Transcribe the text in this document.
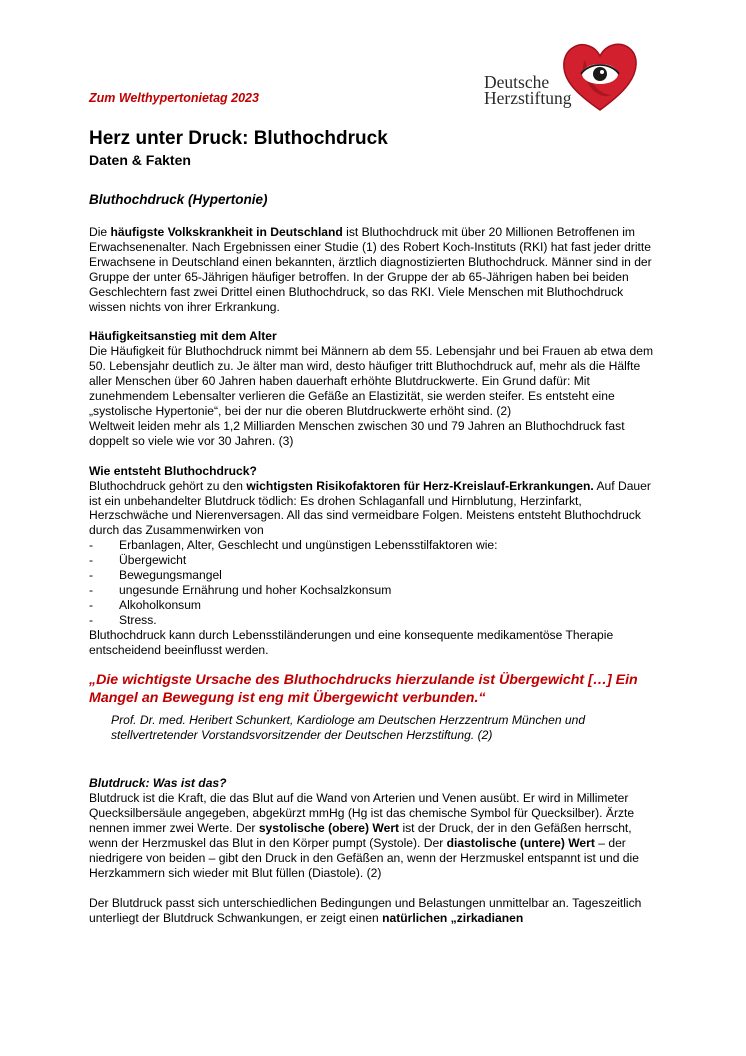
Zum Welthypertonietag 2023

Deutsche
Herzstiftung
Herz unter Druck: Bluthochdruck
Daten & Fakten

Bluthochdruck (Hypertonie)

Die häufigste Volkskrankheit in Deutschland ist Bluthochdruck mit über 20 Millionen Betroffenen im Erwachsenenalter. Nach Ergebnissen einer Studie (1) des Robert Koch-Instituts (RKI) hat fast jeder dritte Erwachsene in Deutschland einen bekannten, ärztlich diagnostizierten Bluthochdruck. Männer sind in der Gruppe der unter 65-Jährigen häufiger betroffen. In der Gruppe der ab 65-Jährigen haben bei beiden Geschlechtern fast zwei Drittel einen Bluthochdruck, so das RKI. Viele Menschen mit Bluthochdruck wissen nichts von ihrer Erkrankung.

Häufigkeitsanstieg mit dem Alter

Die Häufigkeit für Bluthochdruck nimmt bei Männern ab dem 55. Lebensjahr und bei Frauen ab etwa dem 50. Lebensjahr deutlich zu. Je älter man wird, desto häufiger tritt Bluthochdruck auf, mehr als die Hälfte aller Menschen über 60 Jahren haben dauerhaft erhöhte Blutdruckwerte. Ein Grund dafür: Mit zunehmendem Lebensalter verlieren die Gefäße an Elastizität, sie werden steifer. Es entsteht eine „systolische Hypertonie“, bei der nur die oberen Blutdruckwerte erhöht sind. (2)

Weltweit leiden mehr als 1,2 Milliarden Menschen zwischen 30 und 79 Jahren an Bluthochdruck fast doppelt so viele wie vor 30 Jahren. (3)

Wie entsteht Bluthochdruck?

Bluthochdruck gehört zu den wichtigsten Risikofaktoren für Herz-Kreislauf-Erkrankungen. Auf Dauer ist ein unbehandelter Blutdruck tödlich: Es drohen Schlaganfall und Hirnblutung, Herzinfarkt, Herzschwäche und Nierenversagen. All das sind vermeidbare Folgen. Meistens entsteht Bluthochdruck durch das Zusammenwirken von

- Erbanlagen, Alter, Geschlecht und ungünstigen Lebensstilfaktoren wie:
- Übergewicht
- Bewegungsmangel
- ungesunde Ernährung und hoher Kochsalzkonsum
- Alkoholkonsum
- Stress.

Bluthochdruck kann durch Lebensstiländerungen und eine konsequente medikamentöse Therapie entscheidend beeinflusst werden.

„Die wichtigste Ursache des Bluthochdrucks hierzulande ist Übergewicht […] Ein Mangel an Bewegung ist eng mit Übergewicht verbunden.“

Prof. Dr. med. Heribert Schunkert, Kardiologe am Deutschen Herzzentrum München und stellvertretender Vorstandsvorsitzender der Deutschen Herzstiftung. (2)

Blutdruck: Was ist das?

Blutdruck ist die Kraft, die das Blut auf die Wand von Arterien und Venen ausübt. Er wird in Millimeter Quecksilbersäule angegeben, abgekürzt mmHg (Hg ist das chemische Symbol für Quecksilber). Ärzte nennen immer zwei Werte. Der systolische (obere) Wert ist der Druck, der in den Gefäßen herrscht, wenn der Herzmuskel das Blut in den Körper pumpt (Systole). Der diastolische (untere) Wert – der niedrigere von beiden – gibt den Druck in den Gefäßen an, wenn der Herzmuskel entspannt ist und die Herzkammern sich wieder mit Blut füllen (Diastole). (2)

Der Blutdruck passt sich unterschiedlichen Bedingungen und Belastungen unmittelbar an. Tageszeitlich unterliegt der Blutdruck Schwankungen, er zeigt einen natürlichen „zirkadianen
